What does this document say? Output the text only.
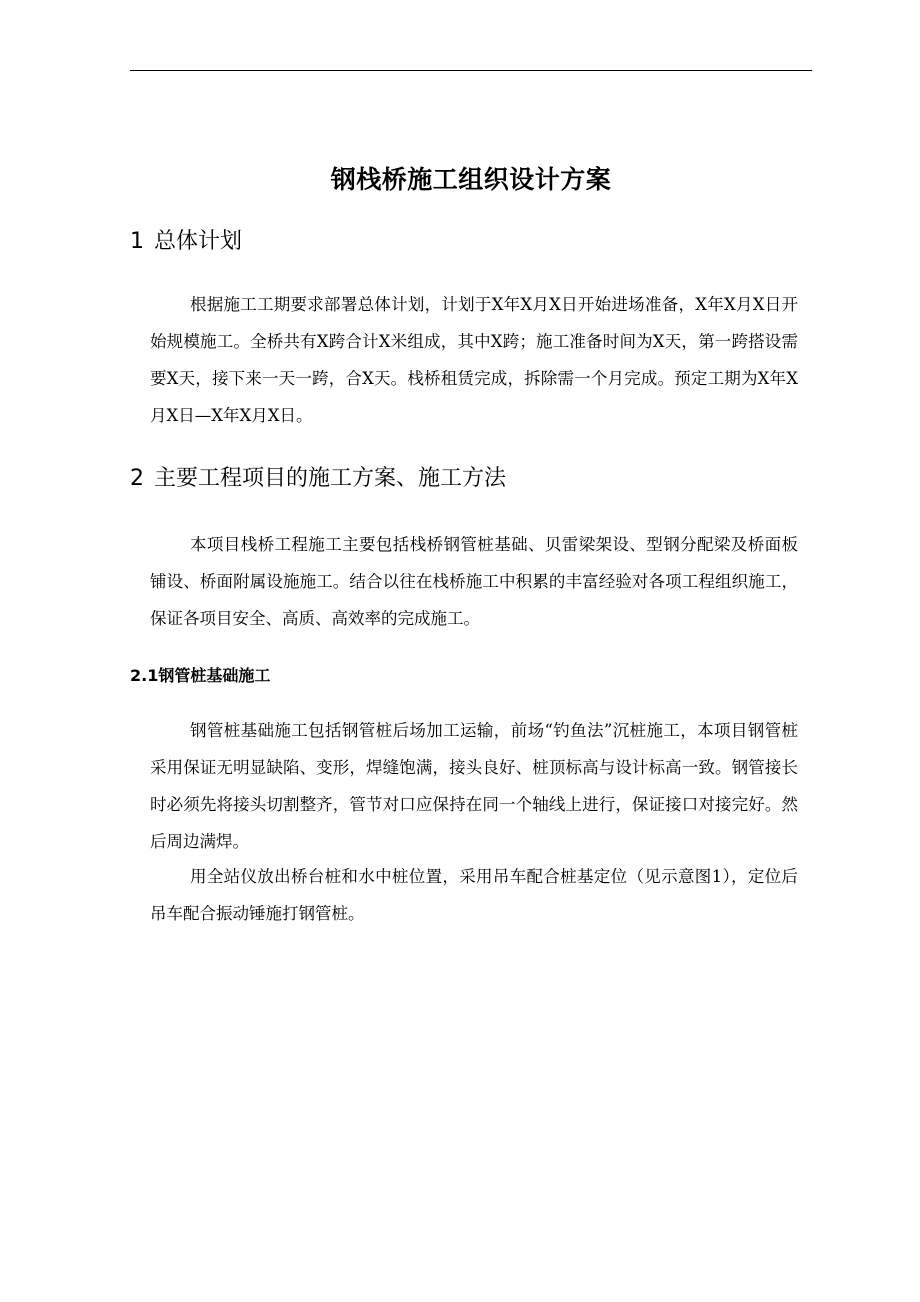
钢栈桥施工组织设计方案
1 总体计划

根据施工工期要求部署总体计划，计划于X年X月X日开始进场准备，X年X月X日开始规模施工。全桥共有X跨合计X米组成，其中X跨；施工准备时间为X天，第一跨搭设需要X天，接下来一天一跨，合X天。栈桥租赁完成，拆除需一个月完成。预定工期为X年X月X日—X年X月X日。

2 主要工程项目的施工方案、施工方法

本项目栈桥工程施工主要包括栈桥钢管桩基础、贝雷梁架设、型钢分配梁及桥面板铺设、桥面附属设施施工。结合以往在栈桥施工中积累的丰富经验对各项工程组织施工，保证各项目安全、高质、高效率的完成施工。

2.1钢管桩基础施工

钢管桩基础施工包括钢管桩后场加工运输，前场“钓鱼法”沉桩施工，本项目钢管桩采用保证无明显缺陷、变形，焊缝饱满，接头良好、桩顶标高与设计标高一致。钢管接长时必须先将接头切割整齐，管节对口应保持在同一个轴线上进行，保证接口对接完好。然后周边满焊。

用全站仪放出桥台桩和水中桩位置，采用吊车配合桩基定位（见示意图1），定位后吊车配合振动锤施打钢管桩。
